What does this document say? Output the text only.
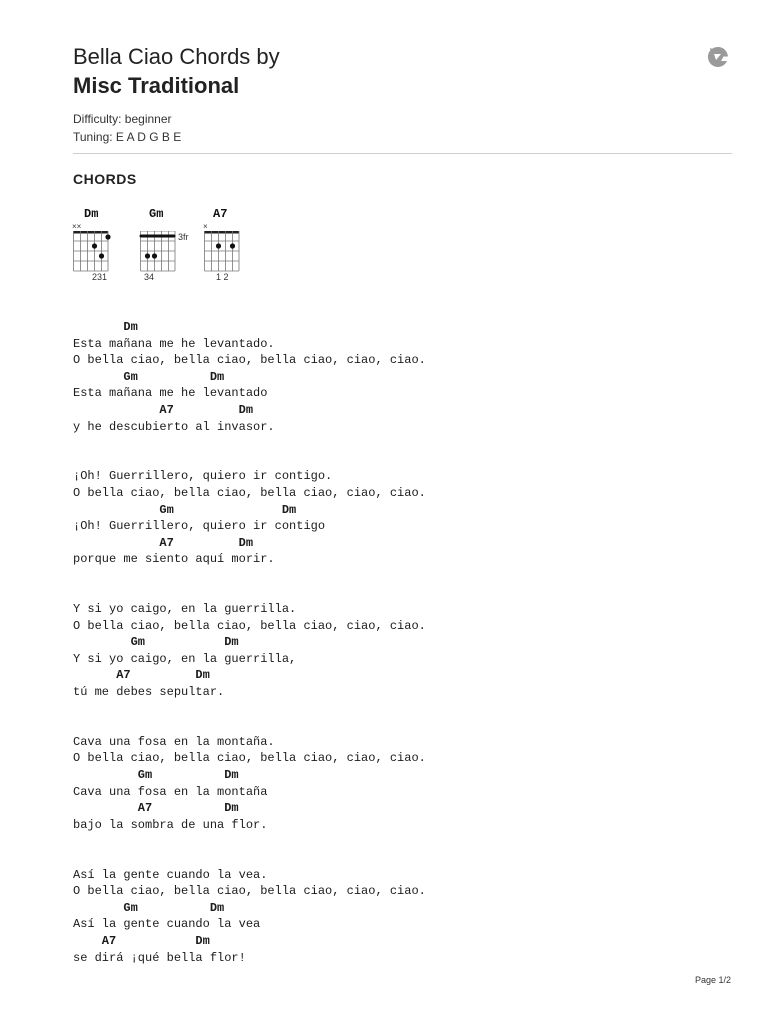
Bella Ciao Chords by
Misc Traditional
Difficulty: beginner
Tuning: E A D G B E
CHORDS
Dm
××
231
Gm
3fr
34
A7
×
1 2
Dm
Esta mañana me he levantado.
O bella ciao, bella ciao, bella ciao, ciao, ciao.
Gm          Dm
Esta mañana me he levantado
A7         Dm
y he descubierto al invasor.
¡Oh! Guerrillero, quiero ir contigo.
O bella ciao, bella ciao, bella ciao, ciao, ciao.
Gm               Dm
¡Oh! Guerrillero, quiero ir contigo
A7         Dm
porque me siento aquí morir.
Y si yo caigo, en la guerrilla.
O bella ciao, bella ciao, bella ciao, ciao, ciao.
Gm           Dm
Y si yo caigo, en la guerrilla,
A7         Dm
tú me debes sepultar.
Cava una fosa en la montaña.
O bella ciao, bella ciao, bella ciao, ciao, ciao.
Gm          Dm
Cava una fosa en la montaña
A7          Dm
bajo la sombra de una flor.
Así la gente cuando la vea.
O bella ciao, bella ciao, bella ciao, ciao, ciao.
Gm          Dm
Así la gente cuando la vea
A7           Dm
se dirá ¡qué bella flor!
Page 1/2
